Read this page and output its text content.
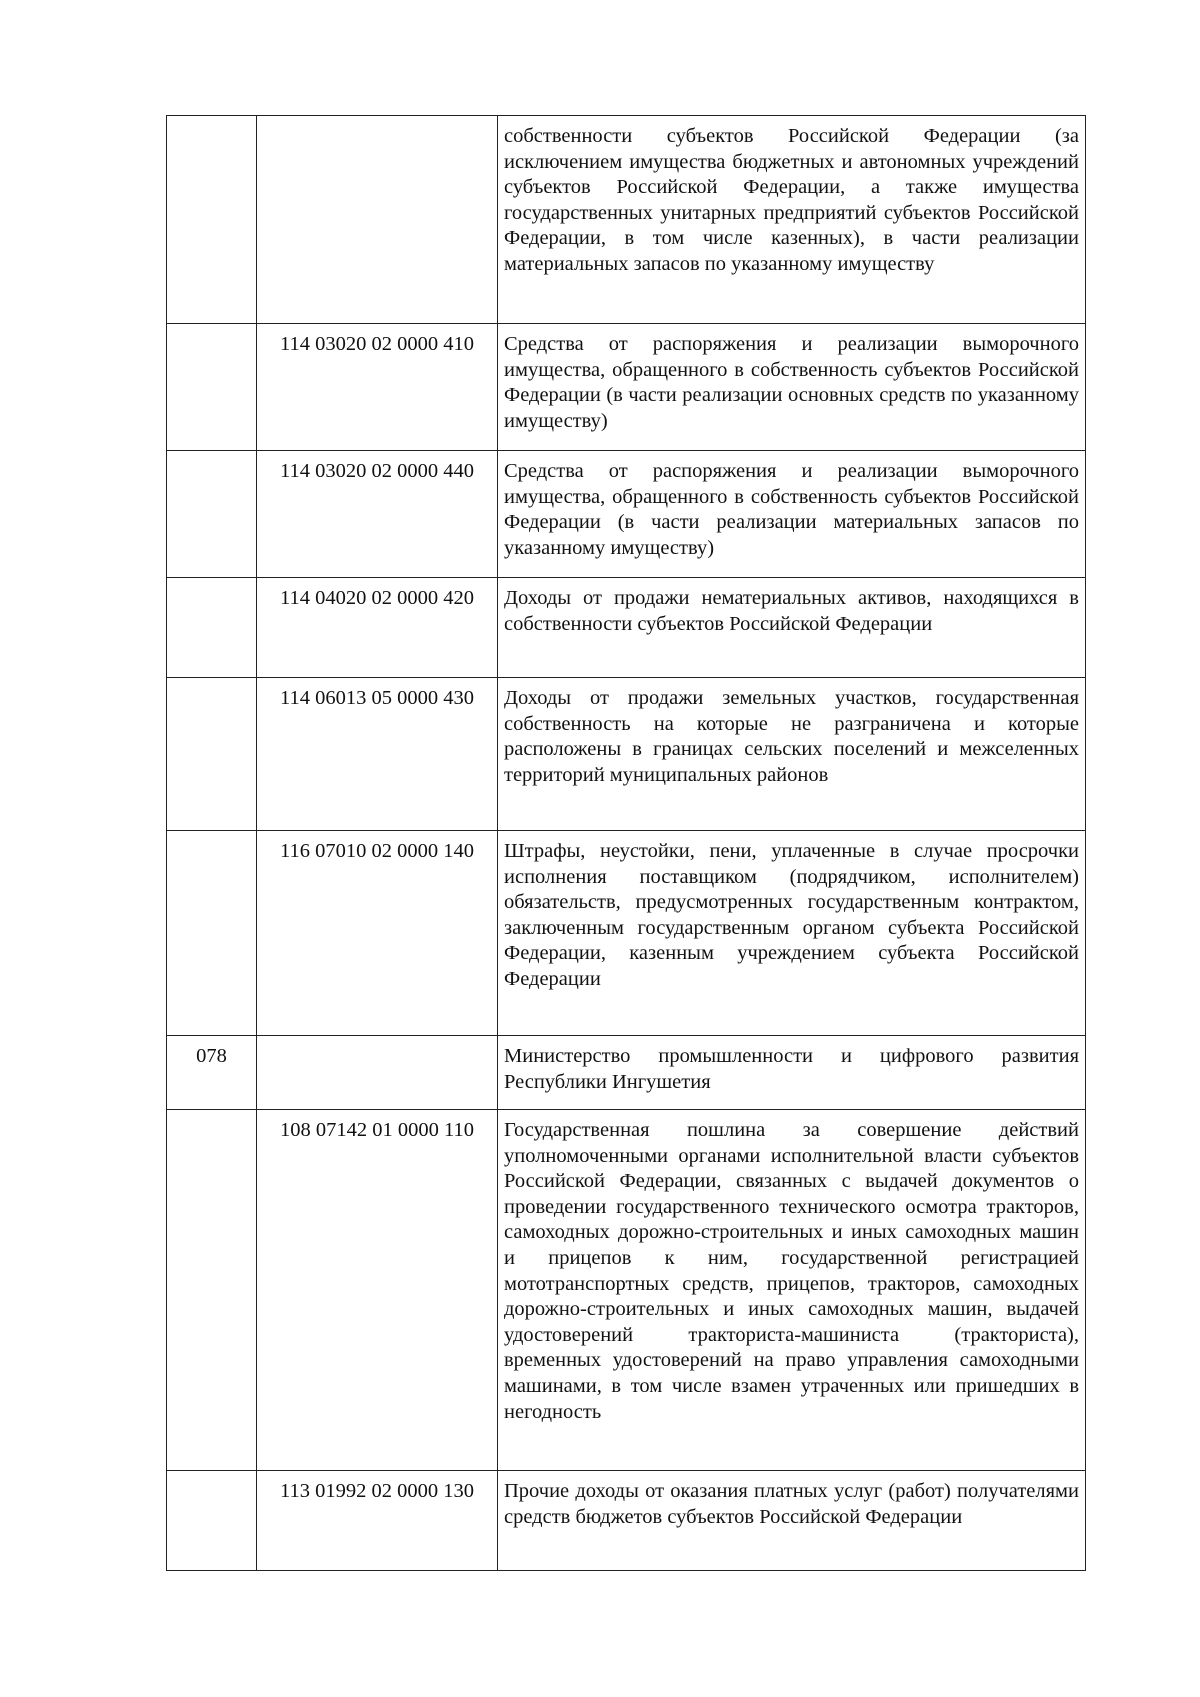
		собственности субъектов Российской Федерации (за исключением имущества бюджетных и автономных учреждений субъектов Российской Федерации, а также имущества государственных унитарных предприятий субъектов Российской Федерации, в том числе казенных), в части реализации материальных запасов по указанному имуществу

	114 03020 02 0000 410	Средства от распоряжения и реализации выморочного имущества, обращенного в собственность субъектов Российской Федерации (в части реализации основных средств по указанному имуществу)

	114 03020 02 0000 440	Средства от распоряжения и реализации выморочного имущества, обращенного в собственность субъектов Российской Федерации (в части реализации материальных запасов по указанному имуществу)

	114 04020 02 0000 420	Доходы от продажи нематериальных активов, находящихся в собственности субъектов Российской Федерации

	114 06013 05 0000 430	Доходы от продажи земельных участков, государственная собственность на которые не разграничена и которые расположены в границах сельских поселений и межселенных территорий муниципальных районов

	116 07010 02 0000 140	Штрафы, неустойки, пени, уплаченные в случае просрочки исполнения поставщиком (подрядчиком, исполнителем) обязательств, предусмотренных государственным контрактом, заключенным государственным органом субъекта Российской Федерации, казенным учреждением субъекта Российской Федерации

078		Министерство промышленности и цифрового развития Республики Ингушетия

	108 07142 01 0000 110	Государственная пошлина за совершение действий уполномоченными органами исполнительной власти субъектов Российской Федерации, связанных с выдачей документов о проведении государственного технического осмотра тракторов, самоходных дорожно-строительных и иных самоходных машин и прицепов к ним, государственной регистрацией мототранспортных средств, прицепов, тракторов, самоходных дорожно-строительных и иных самоходных машин, выдачей удостоверений тракториста-машиниста (тракториста), временных удостоверений на право управления самоходными машинами, в том числе взамен утраченных или пришедших в негодность

	113 01992 02 0000 130	Прочие доходы от оказания платных услуг (работ) получателями средств бюджетов субъектов Российской Федерации
